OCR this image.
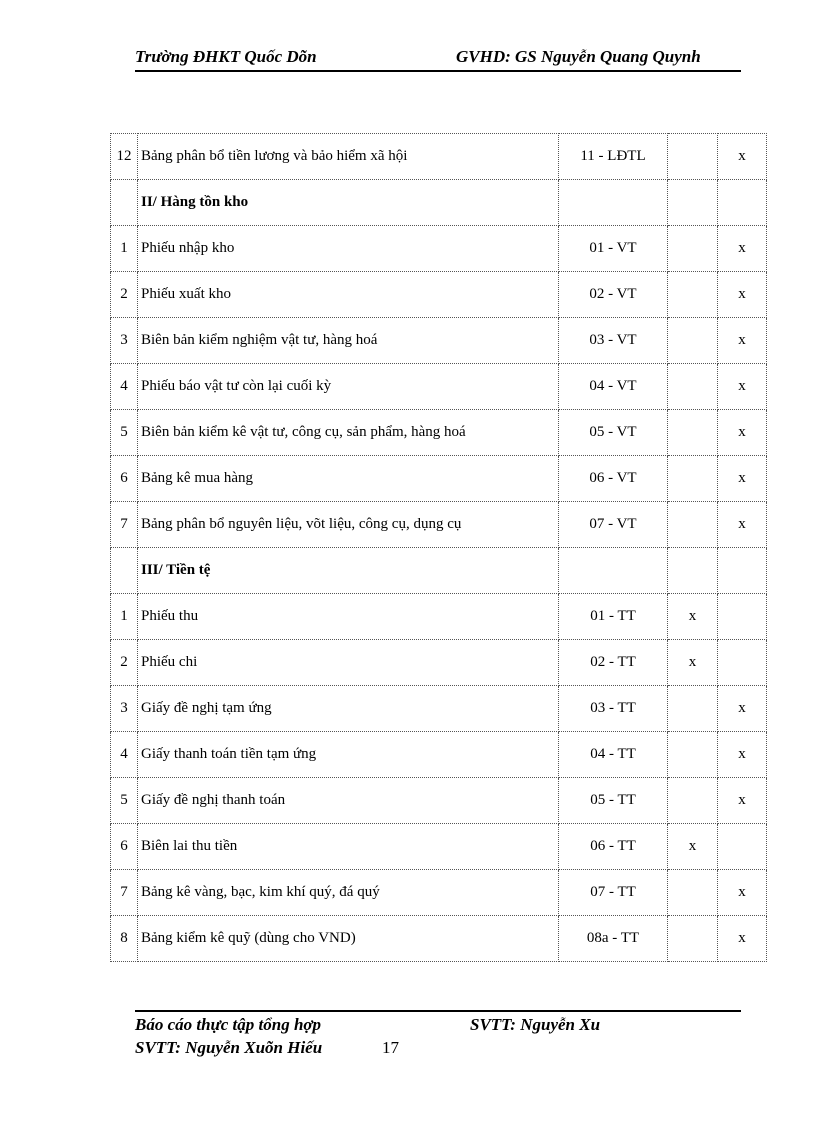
Trường ĐHKT Quốc Dõn	GVHD: GS Nguyễn Quang Quynh
12	Bảng phân bổ tiền lương và bảo hiểm xã hội	11 - LĐTL		x
	II/ Hàng tồn kho			
1	Phiếu nhập kho	01 - VT		x
2	Phiếu xuất kho	02 - VT		x
3	Biên bản kiểm nghiệm vật tư, hàng hoá	03 - VT		x
4	Phiếu báo vật tư còn lại cuối kỳ	04 - VT		x
5	Biên bản kiểm kê vật tư, công cụ, sản phẩm, hàng hoá	05 - VT		x
6	Bảng kê mua hàng	06 - VT		x
7	Bảng phân bổ nguyên liệu, võt liệu, công cụ, dụng cụ	07 - VT		x
	III/ Tiền tệ			
1	Phiếu thu	01 - TT	x	
2	Phiếu chi	02 - TT	x	
3	Giấy đề nghị tạm ứng	03 - TT		x
4	Giấy thanh toán tiền tạm ứng	04 - TT		x
5	Giấy đề nghị thanh toán	05 - TT		x
6	Biên lai thu tiền	06 - TT	x	
7	Bảng kê vàng, bạc, kim khí quý, đá quý	07 - TT		x
8	Bảng kiểm kê quỹ (dùng cho VND)	08a - TT		x
Báo cáo thực tập tổng hợp	SVTT: Nguyễn Xu
SVTT: Nguyễn Xuõn Hiếu	17
